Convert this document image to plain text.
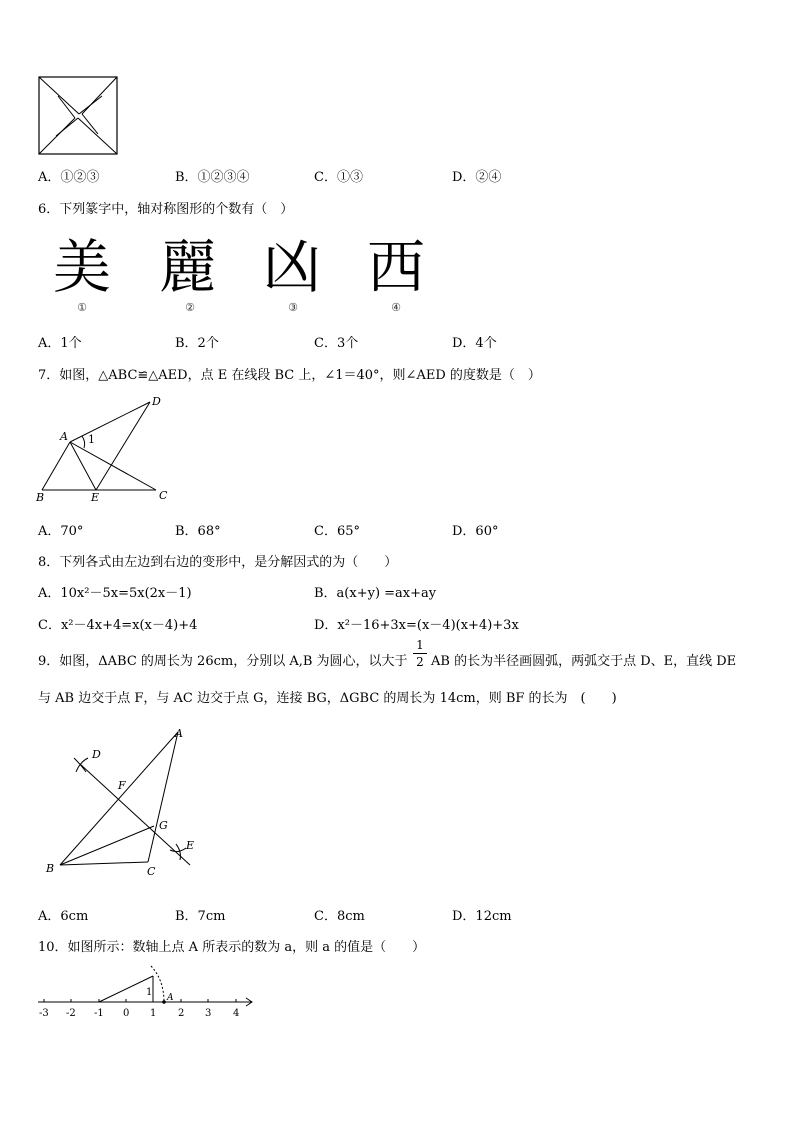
A．①②③	B．①②③④	C．①③	D．②④
6．下列篆字中，轴对称图形的个数有（　）
美 麗 凶 西
①	②	③	④
A．1个	B．2个	C．3个	D．4个
7．如图，△ABC≌△AED，点 E 在线段 BC 上，∠1＝40°，则∠AED 的度数是（　）
A
B	C
D
E
1
A．70°	B．68°	C．65°	D．60°
8．下列各式由左边到右边的变形中，是分解因式的为（　　）
A．10x²－5x=5x(2x－1)	B．a(x+y) =ax+ay
C．x²－4x+4=x(x－4)+4	D．x²－16+3x=(x－4)(x+4)+3x
9．如图，ΔABC 的周长为 26cm，分别以 A,B 为圆心，以大于
1
2 AB 的长为半径画圆弧，两弧交于点 D、E，直线 DE
与 AB 边交于点 F，与 AC 边交于点 G，连接 BG，ΔGBC 的周长为 14cm，则 BF 的长为　(　　)
A
B	C
D
E
F
G
A．6cm	B．7cm	C．8cm	D．12cm
10．如图所示：数轴上点 A 所表示的数为 a，则 a 的值是（　　）
-3 -2 -1 0 1 2 3 4
1 A
